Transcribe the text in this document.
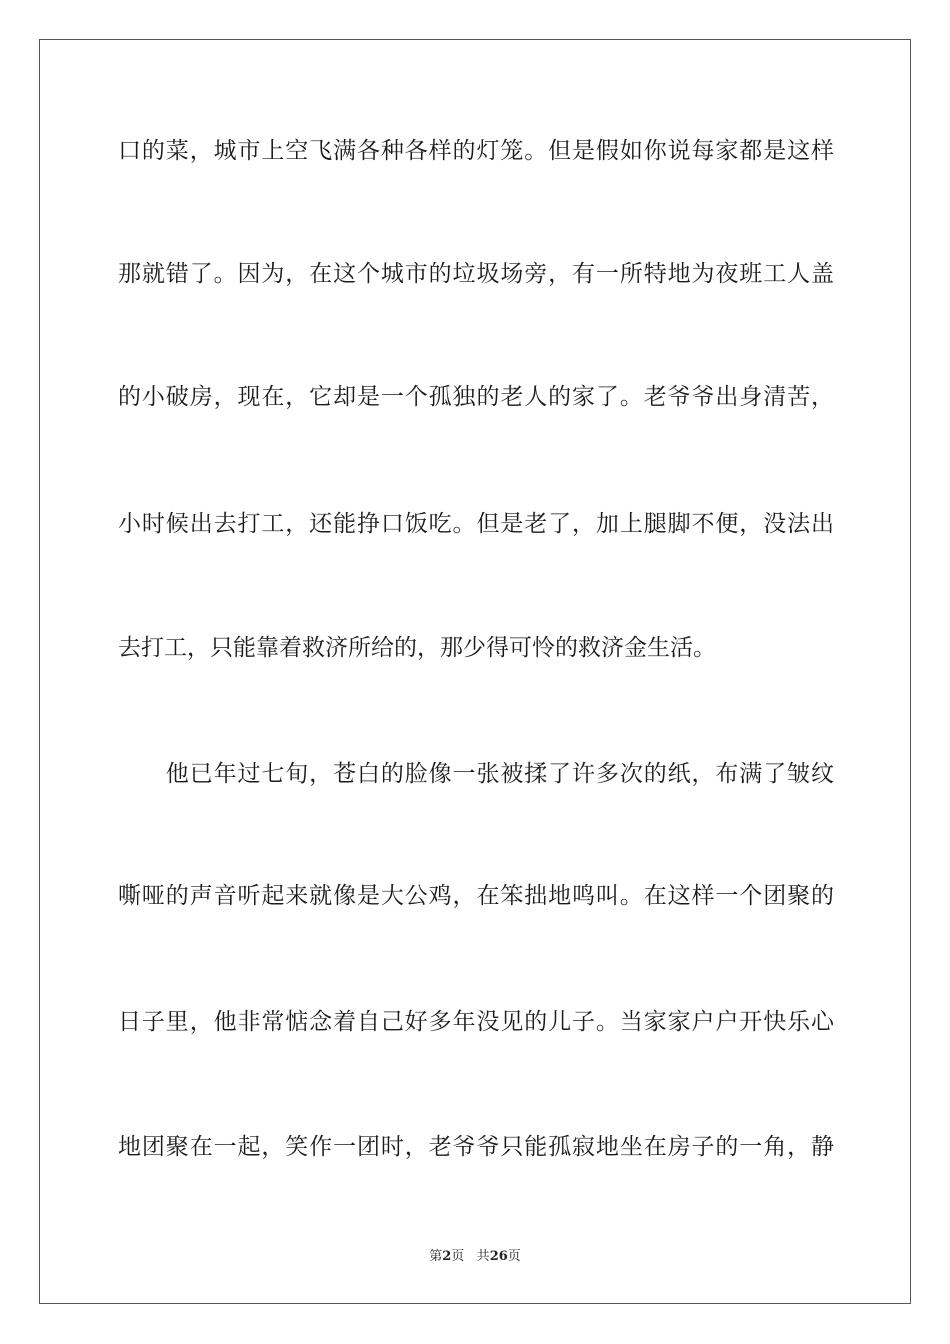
口的菜，城市上空飞满各种各样的灯笼。但是假如你说每家都是这样
那就错了。因为，在这个城市的垃圾场旁，有一所特地为夜班工人盖
的小破房，现在，它却是一个孤独的老人的家了。老爷爷出身清苦，
小时候出去打工，还能挣口饭吃。但是老了，加上腿脚不便，没法出
去打工，只能靠着救济所给的，那少得可怜的救济金生活。
　　他已年过七旬，苍白的脸像一张被揉了许多次的纸，布满了皱纹
嘶哑的声音听起来就像是大公鸡，在笨拙地鸣叫。在这样一个团聚的
日子里，他非常惦念着自己好多年没见的儿子。当家家户户开快乐心
地团聚在一起，笑作一团时，老爷爷只能孤寂地坐在房子的一角，静
第2页 共26页
